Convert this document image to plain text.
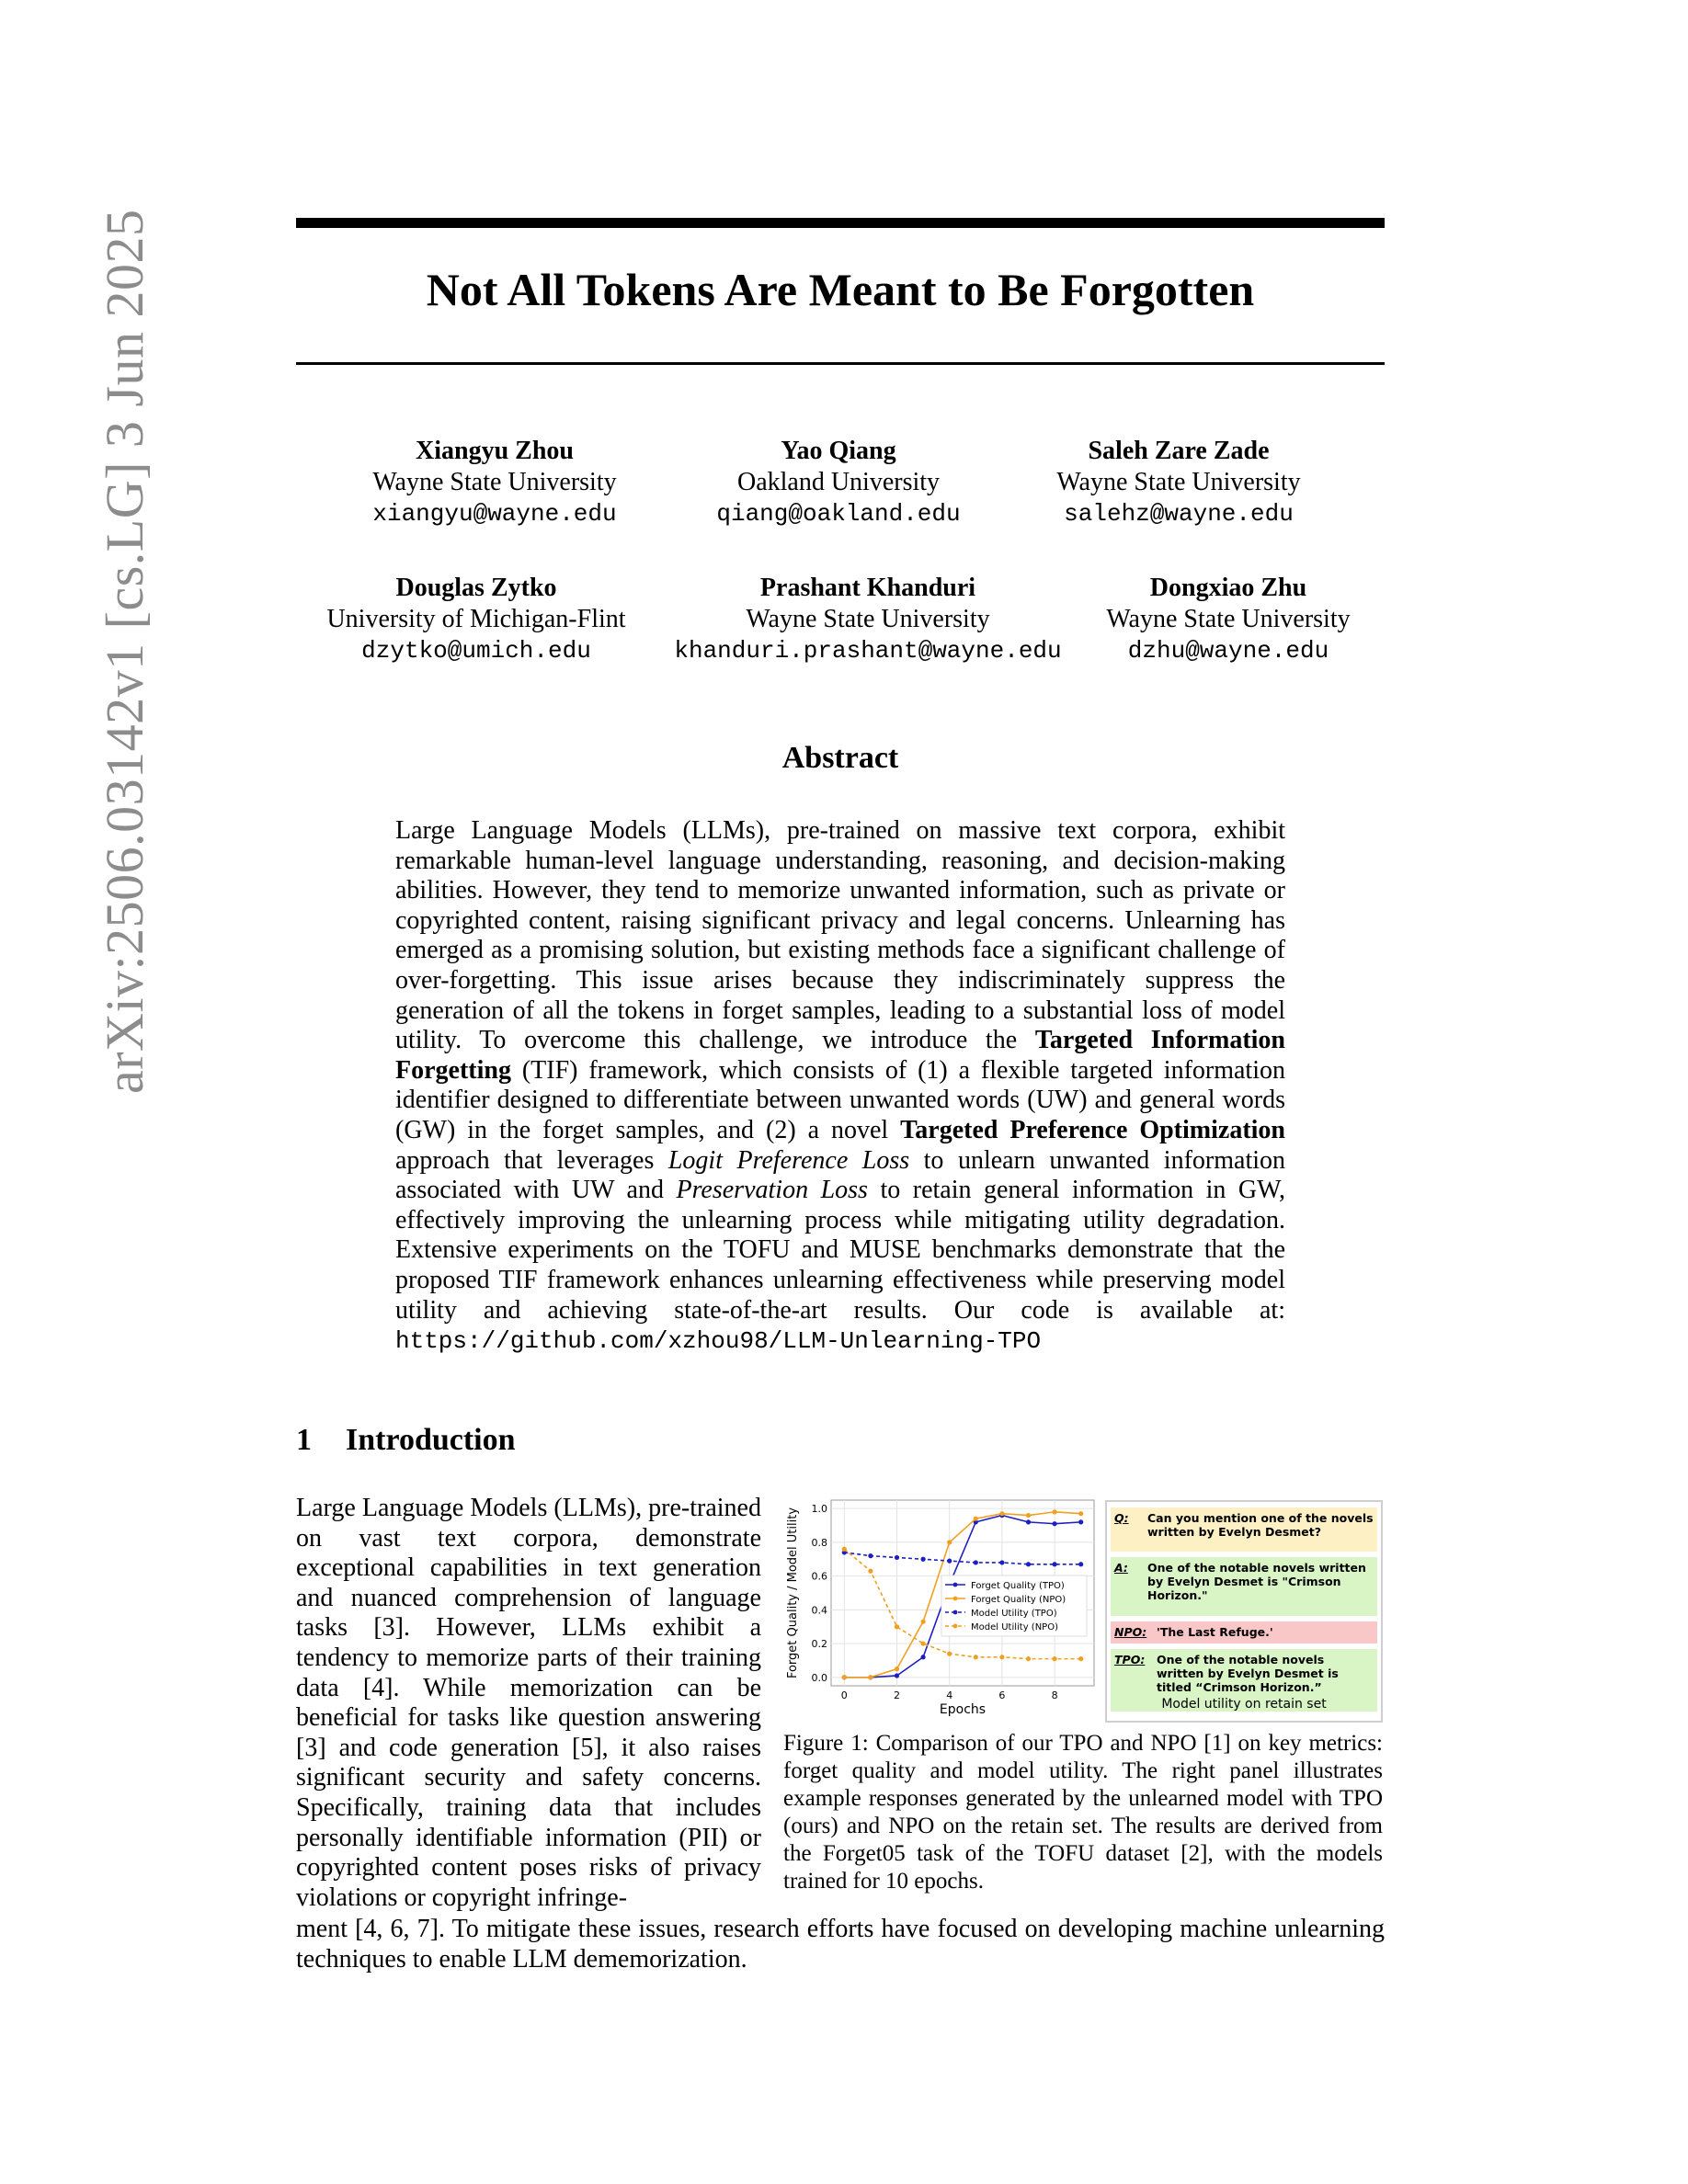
arXiv:2506.03142v1 [cs.LG] 3 Jun 2025	Not All Tokens Are Meant to Be Forgotten
Xiangyu Zhou
Wayne State University
xiangyu@wayne.edu
Yao Qiang
Oakland University
qiang@oakland.edu
Saleh Zare Zade
Wayne State University
salehz@wayne.edu
Douglas Zytko
University of Michigan-Flint
dzytko@umich.edu
Prashant Khanduri
Wayne State University
khanduri.prashant@wayne.edu
Dongxiao Zhu
Wayne State University
dzhu@wayne.edu
Abstract
Large Language Models (LLMs), pre-trained on massive text corpora, exhibit remarkable human-level language understanding, reasoning, and decision-making abilities. However, they tend to memorize unwanted information, such as private or copyrighted content, raising significant privacy and legal concerns. Unlearning has emerged as a promising solution, but existing methods face a significant challenge of over-forgetting. This issue arises because they indiscriminately suppress the generation of all the tokens in forget samples, leading to a substantial loss of model utility. To overcome this challenge, we introduce the Targeted Information Forgetting (TIF) framework, which consists of (1) a flexible targeted information identifier designed to differentiate between unwanted words (UW) and general words (GW) in the forget samples, and (2) a novel Targeted Preference Optimization approach that leverages Logit Preference Loss to unlearn unwanted information associated with UW and Preservation Loss to retain general information in GW, effectively improving the unlearning process while mitigating utility degradation. Extensive experiments on the TOFU and MUSE benchmarks demonstrate that the proposed TIF framework enhances unlearning effectiveness while preserving model utility and achieving state-of-the-art results. Our code is available at: https://github.com/xzhou98/LLM-Unlearning-TPO
1 Introduction
Large Language Models (LLMs), pre-trained on vast text corpora, demonstrate exceptional capabilities in text generation and nuanced comprehension of language tasks [3]. However, LLMs exhibit a tendency to memorize parts of their training data [4]. While memorization can be beneficial for tasks like question answering [3] and code generation [5], it also raises significant security and safety concerns. Specifically, training data that includes personally identifiable information (PII) or copyrighted content poses risks of privacy violations or copyright infringe-
ment [4, 6, 7]. To mitigate these issues, research efforts have focused on developing machine unlearning techniques to enable LLM dememorization.
0	2	4	6	8
0.0
0.2
0.4
0.6
0.8
1.0
Forget Quality (TPO)
Forget Quality (NPO)
Model Utility (TPO)
Model Utility (NPO)
Epochs
Forget Quality / Model Utility	Q: Can you mention one of the novels written by Evelyn Desmet?
A: One of the notable novels written by Evelyn Desmet is "Crimson Horizon."
NPO: 'The Last Refuge.'
TPO: One of the notable novels written by Evelyn Desmet is titled “Crimson Horizon.”
Model utility on retain set
Figure 1: Comparison of our TPO and NPO [1] on key metrics: forget quality and model utility. The right panel illustrates example responses generated by the unlearned model with TPO (ours) and NPO on the retain set. The results are derived from the Forget05 task of the TOFU dataset [2], with the models trained for 10 epochs.
